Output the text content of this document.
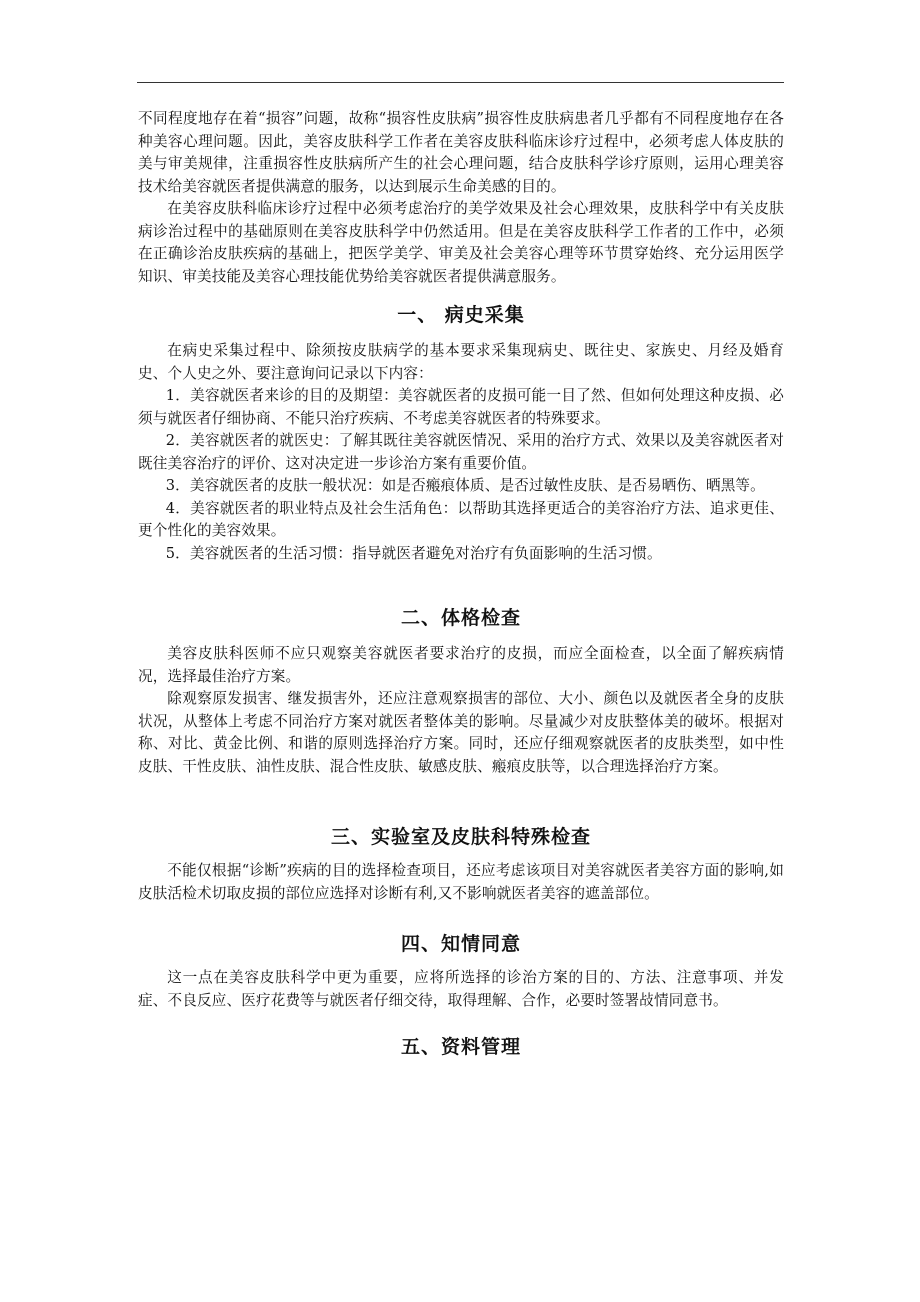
不同程度地存在着“损容”问题，故称“损容性皮肤病”损容性皮肤病患者几乎都有不同程度地存在各种美容心理问题。因此，美容皮肤科学工作者在美容皮肤科临床诊疗过程中，必须考虑人体皮肤的美与审美规律，注重损容性皮肤病所产生的社会心理问题，结合皮肤科学诊疗原则，运用心理美容技术给美容就医者提供满意的服务，以达到展示生命美感的目的。

在美容皮肤科临床诊疗过程中必须考虑治疗的美学效果及社会心理效果，皮肤科学中有关皮肤病诊治过程中的基础原则在美容皮肤科学中仍然适用。但是在美容皮肤科学工作者的工作中，必须在正确诊治皮肤疾病的基础上，把医学美学、审美及社会美容心理等环节贯穿始终、充分运用医学知识、审美技能及美容心理技能优势给美容就医者提供满意服务。

一、 病史采集

在病史采集过程中、除须按皮肤病学的基本要求采集现病史、既往史、家族史、月经及婚育史、个人史之外、要注意询问记录以下内容：

1．美容就医者来诊的目的及期望：美容就医者的皮损可能一目了然、但如何处理这种皮损、必须与就医者仔细协商、不能只治疗疾病、不考虑美容就医者的特殊要求。

2．美容就医者的就医史：了解其既往美容就医情况、采用的治疗方式、效果以及美容就医者对既往美容治疗的评价、这对决定进一步诊治方案有重要价值。

3．美容就医者的皮肤一般状况：如是否瘢痕体质、是否过敏性皮肤、是否易晒伤、晒黑等。

4．美容就医者的职业特点及社会生活角色：以帮助其选择更适合的美容治疗方法、追求更佳、更个性化的美容效果。

5．美容就医者的生活习惯：指导就医者避免对治疗有负面影响的生活习惯。

二、体格检查

美容皮肤科医师不应只观察美容就医者要求治疗的皮损，而应全面检查，以全面了解疾病情况，选择最佳治疗方案。

除观察原发损害、继发损害外，还应注意观察损害的部位、大小、颜色以及就医者全身的皮肤状况，从整体上考虑不同治疗方案对就医者整体美的影响。尽量减少对皮肤整体美的破坏。根据对称、对比、黄金比例、和谐的原则选择治疗方案。同时，还应仔细观察就医者的皮肤类型，如中性皮肤、干性皮肤、油性皮肤、混合性皮肤、敏感皮肤、瘢痕皮肤等，以合理选择治疗方案。

三、实验室及皮肤科特殊检查

不能仅根据“诊断”疾病的目的选择检查项目，还应考虑该项目对美容就医者美容方面的影响,如皮肤活检术切取皮损的部位应选择对诊断有利,又不影响就医者美容的遮盖部位。

四、知情同意

这一点在美容皮肤科学中更为重要，应将所选择的诊治方案的目的、方法、注意事项、并发症、不良反应、医疗花费等与就医者仔细交待，取得理解、合作，必要时签署敁情同意书。

五、资料管理
